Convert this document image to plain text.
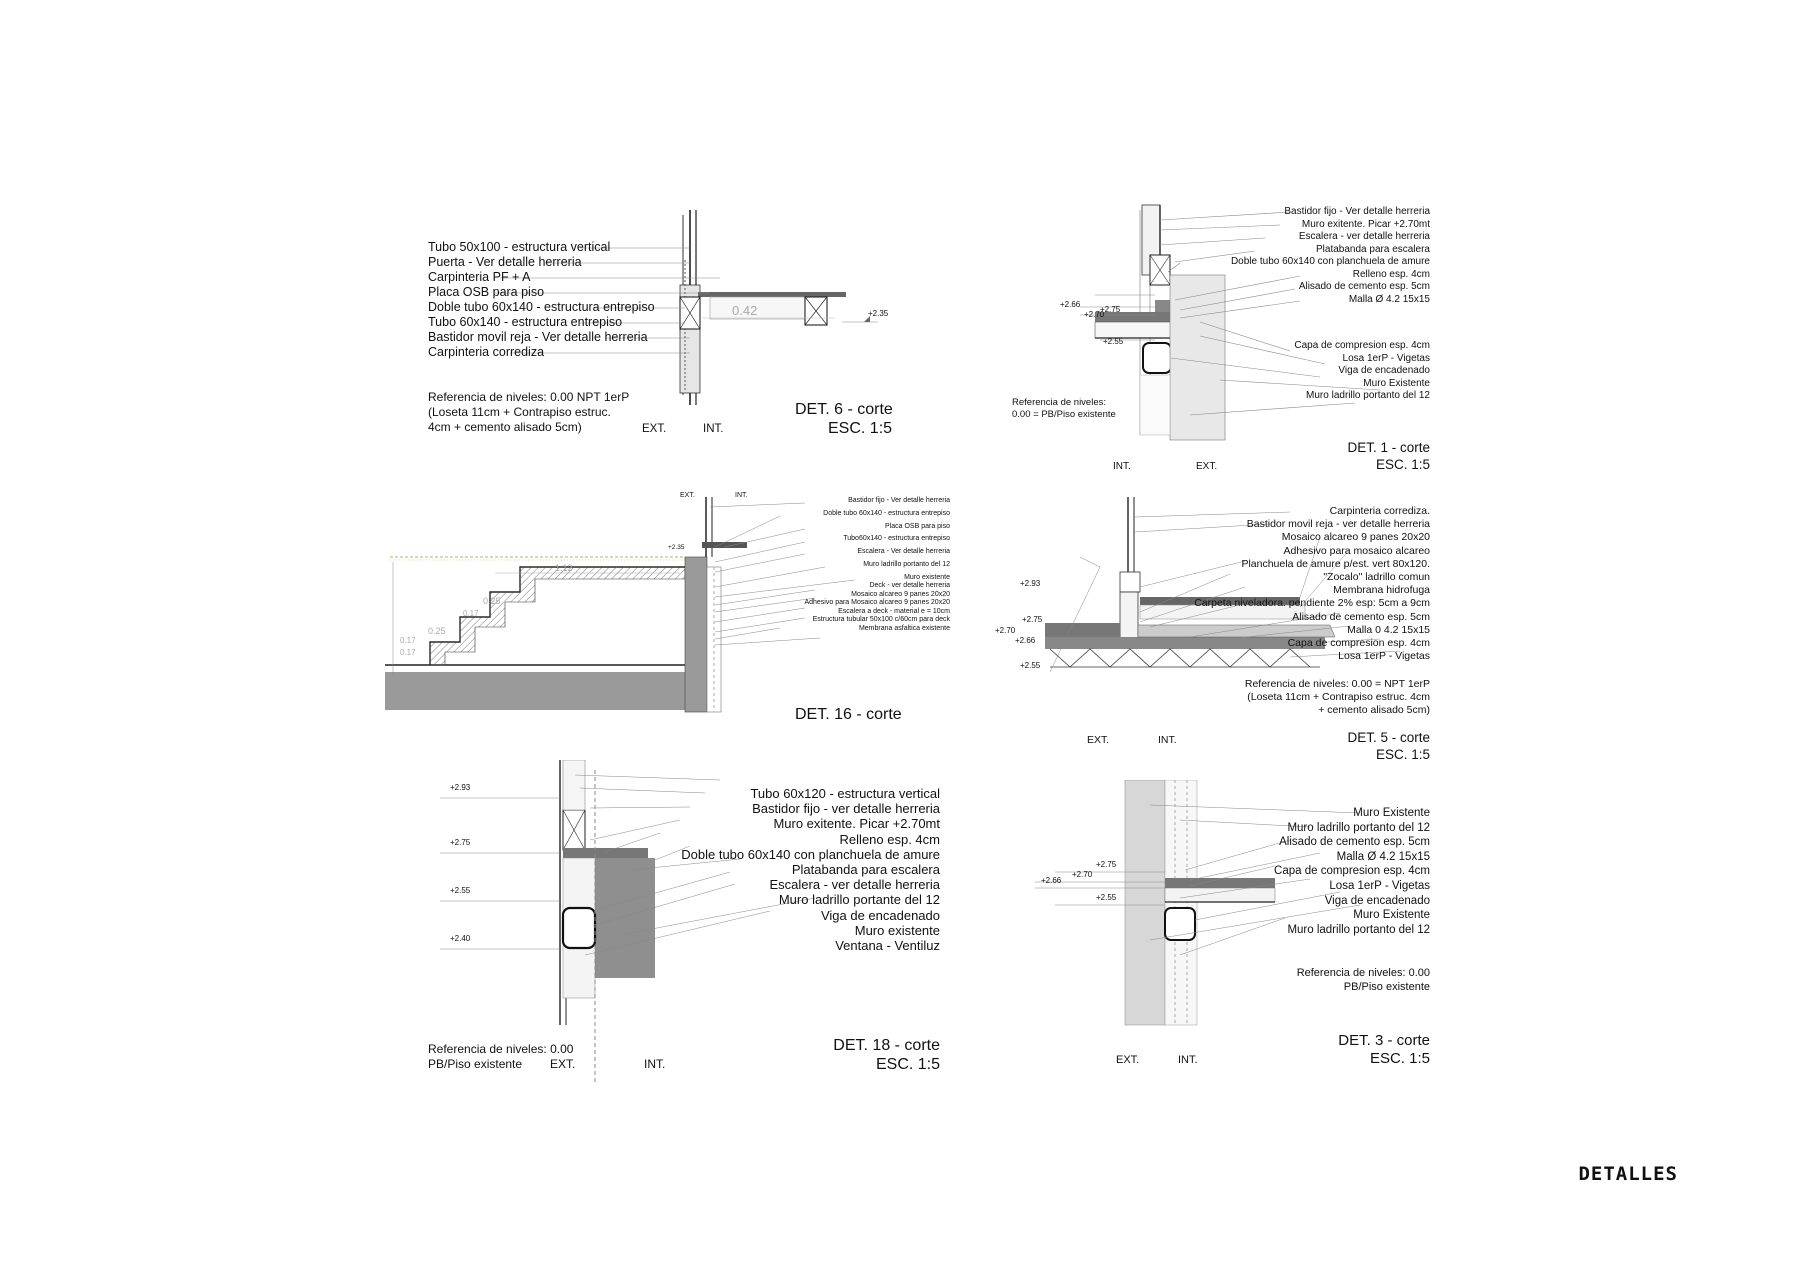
Tubo 50x100 - estructura vertical
Puerta - Ver detalle herreria
Carpinteria PF + A
Placa OSB para piso
Doble tubo 60x140 - estructura entrepiso
Tubo 60x140 - estructura entrepiso
Bastidor movil reja - Ver detalle herreria
Carpinteria corrediza
0.42	+2.35
Referencia de niveles: 0.00 NPT 1erP
(Loseta 11cm + Contrapiso estruc.
4cm + cemento alisado 5cm)	EXT.	INT.
DET. 6 - corte
ESC. 1:5
+2.75
+2.70
+2.66
+2.55
Bastidor fijo - Ver detalle herreria
Muro exitente. Picar +2.70mt
Escalera - ver detalle herreria
Platabanda para escalera
Doble tubo 60x140 con planchuela de amure
Relleno esp. 4cm
Alisado de cemento esp. 5cm
Malla Ø 4.2 15x15
Capa de compresion esp. 4cm
Losa 1erP - Vigetas
Viga de encadenado
Muro Existente
Muro ladrillo portanto del 12
Referencia de niveles:
0.00 = PB/Piso existente
DET. 1 - corte
ESC. 1:5
INT.	EXT.
EXT.	INT.
+2.35
1.12
0.25
0.17
0.25
0.17
0.17
Bastidor fijo - Ver detalle herreria
Doble tubo 60x140 - estructura entrepiso
Placa OSB para piso
Tubo60x140 - estructura entrepiso
Escalera - Ver detalle herreria
Muro ladrillo portanto del 12
Muro existente
Deck - ver detalle herreria
Mosaico alcareo 9 panes 20x20
Adhesivo para Mosaico alcareo 9 panes 20x20
Escalera a deck - material e = 10cm
Estructura tubular 50x100 c/60cm para deck
Membrana asfaltica existente
DET. 16 - corte
+2.93
+2.75
+2.70
+2.66
+2.55
Carpinteria corrediza.
Bastidor movil reja - ver detalle herreria
Mosaico alcareo 9 panes 20x20
Adhesivo para mosaico alcareo
Planchuela de amure p/est. vert 80x120.
"Zocalo" ladrillo comun
Membrana hidrofuga
Carpeta niveladora. pendiente 2% esp: 5cm a 9cm
Alisado de cemento esp. 5cm
Malla 0 4.2 15x15
Capa de compresion esp. 4cm
Losa 1erP - Vigetas
Referencia de niveles: 0.00 = NPT 1erP
(Loseta 11cm + Contrapiso estruc. 4cm
+ cemento alisado 5cm)
EXT.	INT.	DET. 5 - corte
ESC. 1:5
+2.93
+2.75
+2.55
+2.40
Tubo 60x120 - estructura vertical
Bastidor fijo - ver detalle herreria
Muro exitente. Picar +2.70mt
Relleno esp. 4cm
Doble tubo 60x140 con planchuela de amure
Platabanda para escalera
Escalera - ver detalle herreria
Muro ladrillo portante del 12
Viga de encadenado
Muro existente
Ventana - Ventiluz
Referencia de niveles: 0.00
PB/Piso existente	EXT.	INT.
DET. 18 - corte
ESC. 1:5
+2.75
+2.70
+2.66
+2.55
Muro Existente
Muro ladrillo portanto del 12
Alisado de cemento esp. 5cm
Malla Ø 4.2 15x15
Capa de compresion esp. 4cm
Losa 1erP - Vigetas
Viga de encadenado
Muro Existente
Muro ladrillo portanto del 12
Referencia de niveles: 0.00
PB/Piso existente
EXT.	INT.
DET. 3 - corte
ESC. 1:5
DETALLES
